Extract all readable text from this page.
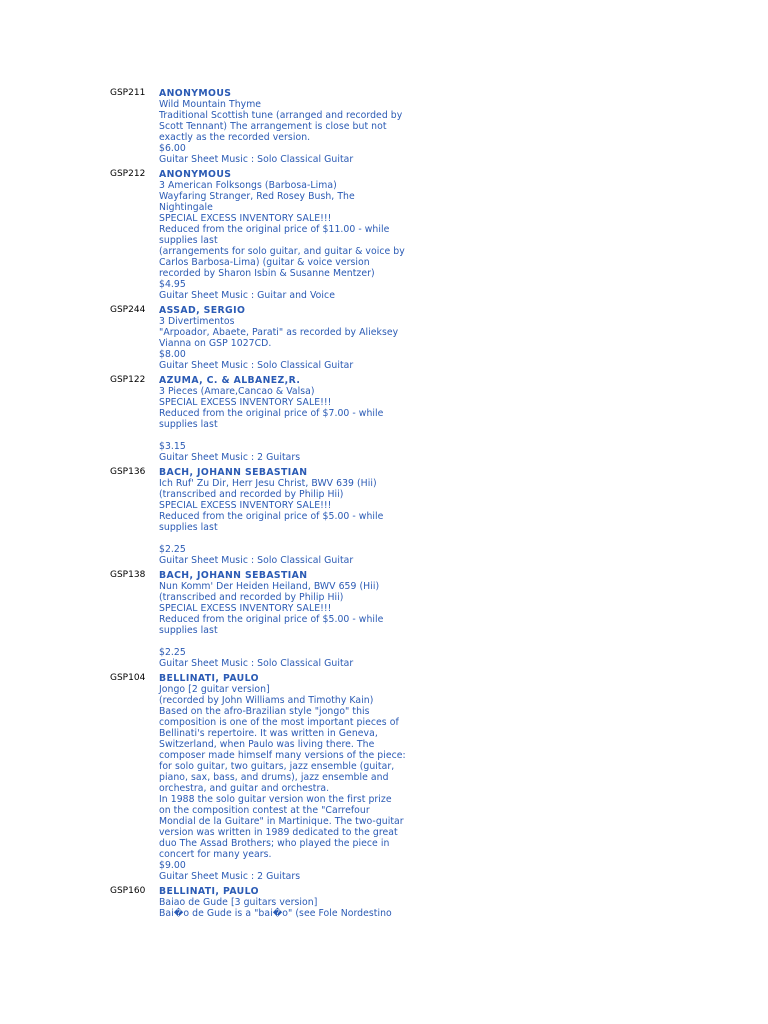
GSP211	ANONYMOUS
Wild Mountain Thyme
Traditional Scottish tune (arranged and recorded by
Scott Tennant) The arrangement is close but not
exactly as the recorded version.
$6.00
Guitar Sheet Music : Solo Classical Guitar
GSP212	ANONYMOUS
3 American Folksongs (Barbosa-Lima)
Wayfaring Stranger, Red Rosey Bush, The
Nightingale
SPECIAL EXCESS INVENTORY SALE!!!
Reduced from the original price of $11.00 - while
supplies last
(arrangements for solo guitar, and guitar & voice by
Carlos Barbosa-Lima) (guitar & voice version
recorded by Sharon Isbin & Susanne Mentzer)
$4.95
Guitar Sheet Music : Guitar and Voice
GSP244	ASSAD, SERGIO
3 Divertimentos
"Arpoador, Abaete, Parati" as recorded by Alieksey
Vianna on GSP 1027CD.
$8.00
Guitar Sheet Music : Solo Classical Guitar
GSP122	AZUMA, C. & ALBANEZ,R.
3 Pieces (Amare,Cancao & Valsa)
SPECIAL EXCESS INVENTORY SALE!!!
Reduced from the original price of $7.00 - while
supplies last
$3.15
Guitar Sheet Music : 2 Guitars
GSP136	BACH, JOHANN SEBASTIAN
Ich Ruf' Zu Dir, Herr Jesu Christ, BWV 639 (Hii)
(transcribed and recorded by Philip Hii)
SPECIAL EXCESS INVENTORY SALE!!!
Reduced from the original price of $5.00 - while
supplies last
$2.25
Guitar Sheet Music : Solo Classical Guitar
GSP138	BACH, JOHANN SEBASTIAN
Nun Komm' Der Heiden Heiland, BWV 659 (Hii)
(transcribed and recorded by Philip Hii)
SPECIAL EXCESS INVENTORY SALE!!!
Reduced from the original price of $5.00 - while
supplies last
$2.25
Guitar Sheet Music : Solo Classical Guitar
GSP104	BELLINATI, PAULO
Jongo [2 guitar version]
(recorded by John Williams and Timothy Kain)
Based on the afro-Brazilian style "jongo" this
composition is one of the most important pieces of
Bellinati's repertoire. It was written in Geneva,
Switzerland, when Paulo was living there. The
composer made himself many versions of the piece:
for solo guitar, two guitars, jazz ensemble (guitar,
piano, sax, bass, and drums), jazz ensemble and
orchestra, and guitar and orchestra.
In 1988 the solo guitar version won the first prize
on the composition contest at the "Carrefour
Mondial de la Guitare" in Martinique. The two-guitar
version was written in 1989 dedicated to the great
duo The Assad Brothers; who played the piece in
concert for many years.
$9.00
Guitar Sheet Music : 2 Guitars
GSP160	BELLINATI, PAULO
Baiao de Gude [3 guitars version]
Bai�o de Gude is a "bai�o" (see Fole Nordestino
